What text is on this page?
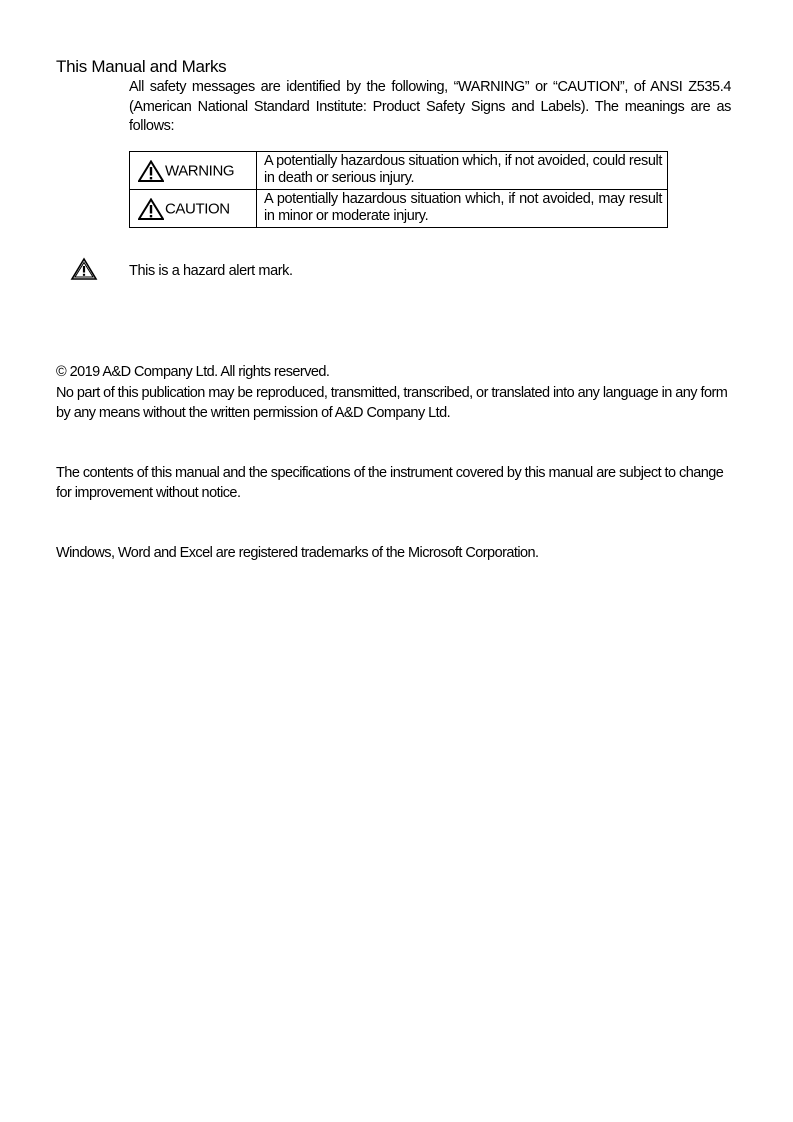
This Manual and Marks
All safety messages are identified by the following, “WARNING” or “CAUTION”, of ANSI Z535.4 (American National Standard Institute: Product Safety Signs and Labels). The meanings are as follows:
WARNING	A potentially hazardous situation which, if not avoided, could result in death or serious injury.
CAUTION	A potentially hazardous situation which, if not avoided, may result in minor or moderate injury.
This is a hazard alert mark.
© 2019 A&D Company Ltd. All rights reserved.
No part of this publication may be reproduced, transmitted, transcribed, or translated into any language in any form by any means without the written permission of A&D Company Ltd.
The contents of this manual and the specifications of the instrument covered by this manual are subject to change for improvement without notice.
Windows, Word and Excel are registered trademarks of the Microsoft Corporation.
